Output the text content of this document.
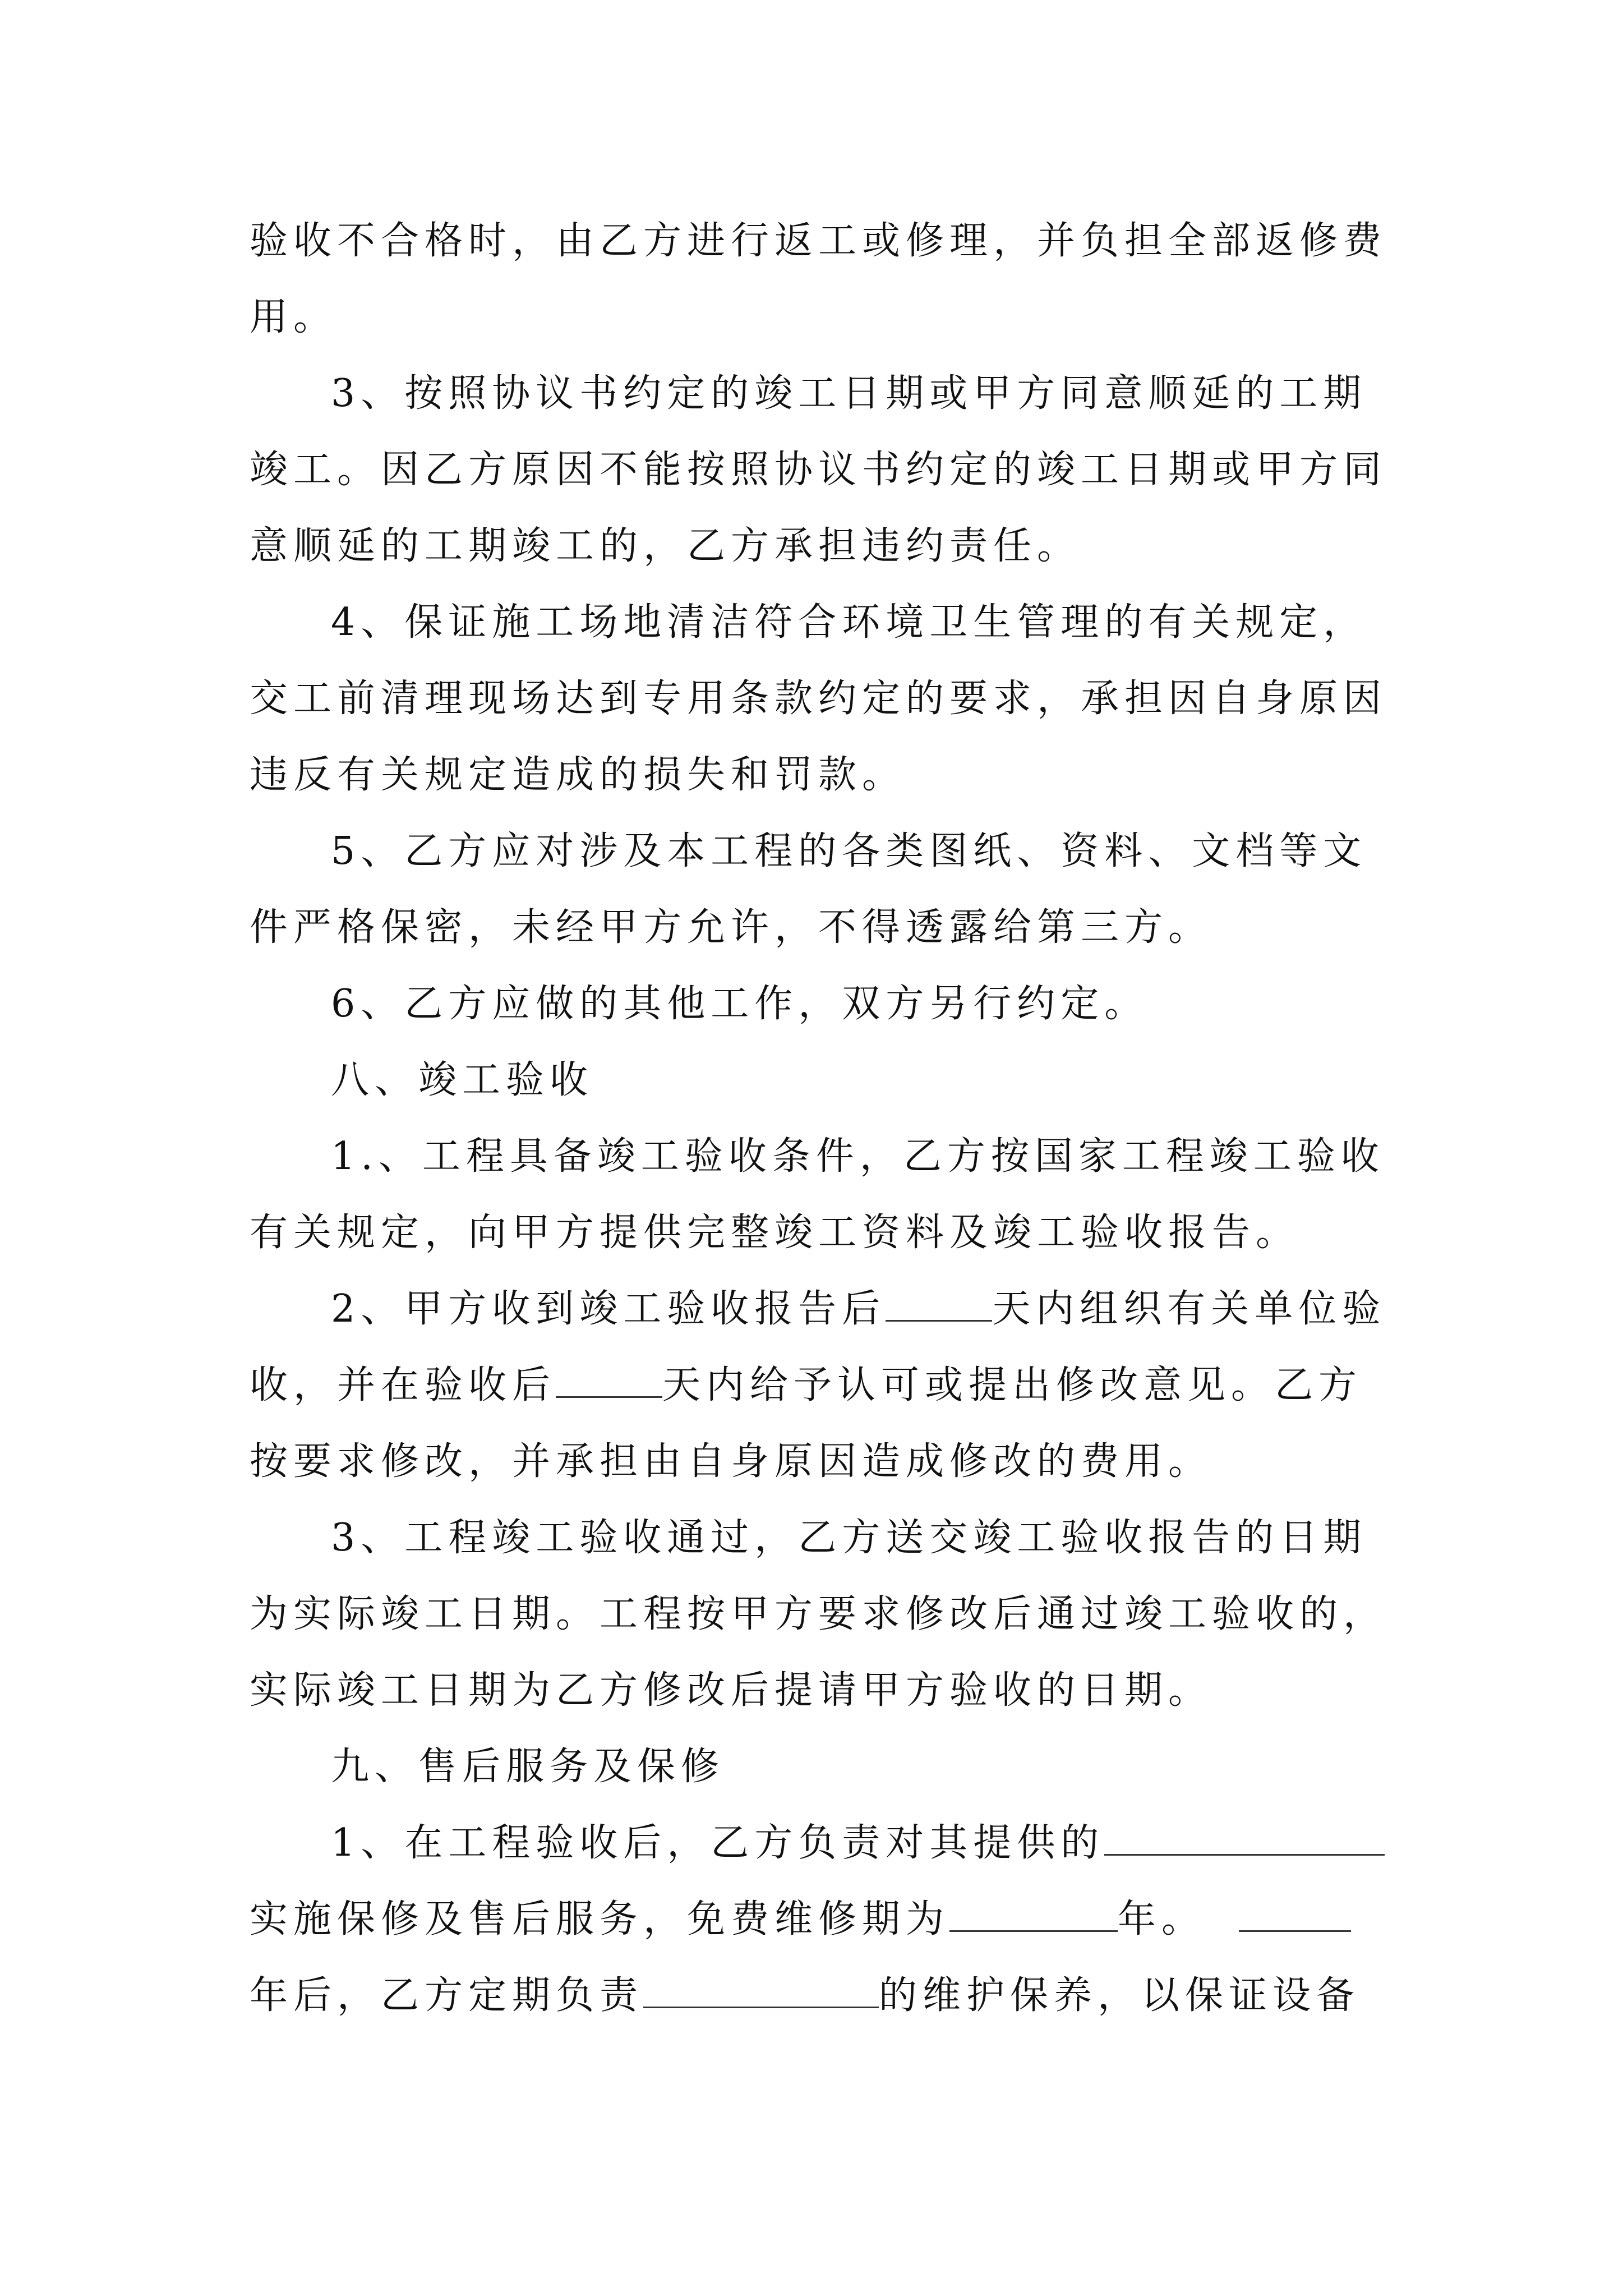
验收不合格时，由乙方进行返工或修理，并负担全部返修费
用。
3、按照协议书约定的竣工日期或甲方同意顺延的工期
竣工。因乙方原因不能按照协议书约定的竣工日期或甲方同
意顺延的工期竣工的，乙方承担违约责任。
4、保证施工场地清洁符合环境卫生管理的有关规定，
交工前清理现场达到专用条款约定的要求，承担因自身原因
违反有关规定造成的损失和罚款。
5、乙方应对涉及本工程的各类图纸、资料、文档等文
件严格保密，未经甲方允许，不得透露给第三方。
6、乙方应做的其他工作，双方另行约定。
八、竣工验收
1.、工程具备竣工验收条件，乙方按国家工程竣工验收
有关规定，向甲方提供完整竣工资料及竣工验收报告。
2、甲方收到竣工验收报告后	天内组织有关单位验
收，并在验收后	天内给予认可或提出修改意见。乙方
按要求修改，并承担由自身原因造成修改的费用。
3、工程竣工验收通过，乙方送交竣工验收报告的日期
为实际竣工日期。工程按甲方要求修改后通过竣工验收的，
实际竣工日期为乙方修改后提请甲方验收的日期。
九、售后服务及保修
1、在工程验收后，乙方负责对其提供的
实施保修及售后服务，免费维修期为	年。
年后，乙方定期负责	的维护保养，以保证设备
